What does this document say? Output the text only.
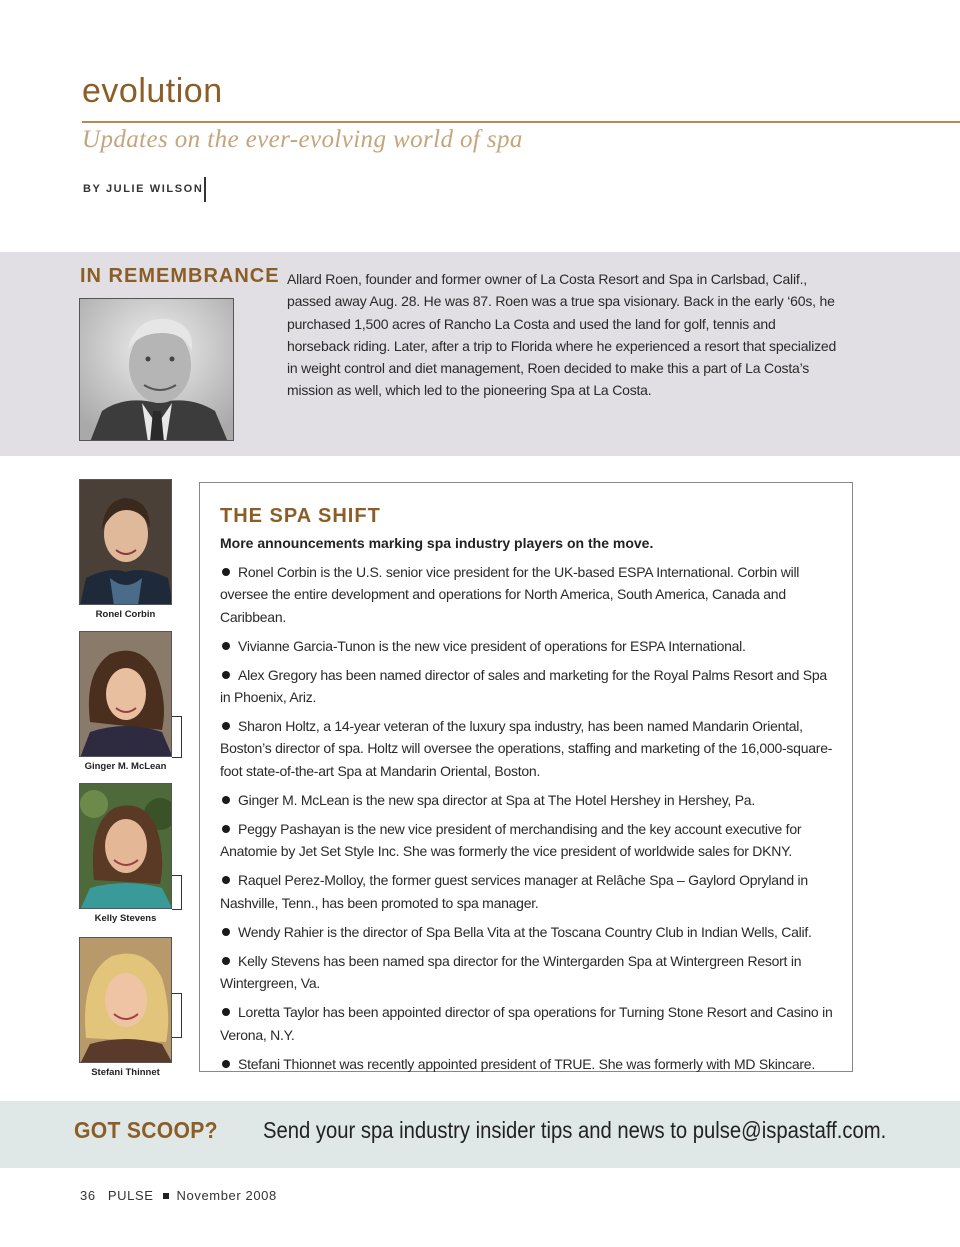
evolution
Updates on the ever-evolving world of spa
BY JULIE WILSON
IN REMEMBRANCE Allard Roen, founder and former owner of La Costa Resort and Spa in Carlsbad, Calif., passed away Aug. 28. He was 87. Roen was a true spa visionary. Back in the early ‘60s, he purchased 1,500 acres of Rancho La Costa and used the land for golf, tennis and horseback riding. Later, after a trip to Florida where he experienced a resort that specialized in weight control and diet management, Roen decided to make this a part of La Costa’s mission as well, which led to the pioneering Spa at La Costa.
Ronel Corbin
Ginger M. McLean
Kelly Stevens
Stefani Thinnet
THE SPA SHIFT
More announcements marking spa industry players on the move.
Ronel Corbin is the U.S. senior vice president for the UK-based ESPA International. Corbin will oversee the entire development and operations for North America, South America, Canada and Caribbean.
Vivianne Garcia-Tunon is the new vice president of operations for ESPA International.
Alex Gregory has been named director of sales and marketing for the Royal Palms Resort and Spa in Phoenix, Ariz.
Sharon Holtz, a 14-year veteran of the luxury spa industry, has been named Mandarin Oriental, Boston’s director of spa. Holtz will oversee the operations, staffing and marketing of the 16,000-square-foot state-of-the-art Spa at Mandarin Oriental, Boston.
Ginger M. McLean is the new spa director at Spa at The Hotel Hershey in Hershey, Pa.
Peggy Pashayan is the new vice president of merchandising and the key account executive for Anatomie by Jet Set Style Inc. She was formerly the vice president of worldwide sales for DKNY.
Raquel Perez-Molloy, the former guest services manager at Relâche Spa – Gaylord Opryland in Nashville, Tenn., has been promoted to spa manager.
Wendy Rahier is the director of Spa Bella Vita at the Toscana Country Club in Indian Wells, Calif.
Kelly Stevens has been named spa director for the Wintergarden Spa at Wintergreen Resort in Wintergreen, Va.
Loretta Taylor has been appointed director of spa operations for Turning Stone Resort and Casino in Verona, N.Y.
Stefani Thionnet was recently appointed president of TRUE. She was formerly with MD Skincare.
GOT SCOOP? Send your spa industry insider tips and news to pulse@ispastaff.com.
36 PULSE November 2008
